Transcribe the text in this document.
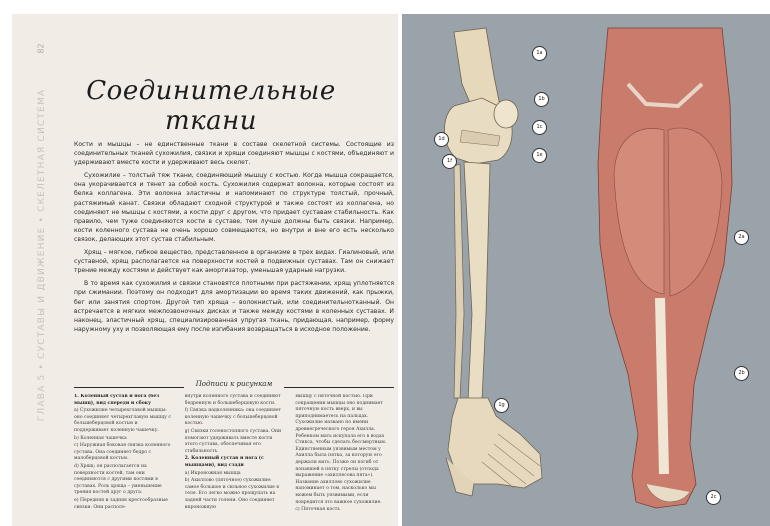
ГЛАВА 5 • СУСТАВЫ И ДВИЖЕНИЕ • СКЕЛЕТНАЯ СИСТЕМА
82
Соединительные
ткани

Кости и мышцы – не единственные ткани в составе скелетной системы. Состоящие из соединительных тканей сухожилия, связки и хрящи соединяют мышцы с костями, объединяют и удерживают вместе кости и удерживают весь скелет.

Сухожилие – толстый тяж ткани, соединяющий мышцу с костью. Когда мышца сокращается, она укорачивается и тянет за собой кость. Сухожилия содержат волокна, которые состоят из белка коллагена. Эти волокна эластичны и напоминают по структуре толстый, прочный, растяжимый канат. Связки обладают сходной структурой и также состоят из коллагена, но соединяют не мышцы с костями, а кости друг с другом, что придает суставам стабильность. Как правило, чем туже соединяются кости в суставе, тем лучше должны быть связки. Например, кости коленного сустава не очень хорошо совмещаются, но внутри и вне его есть несколько связок, делающих этот сустав стабильным.

Хрящ – мягкое, гибкое вещество, представленное в организме в трех видах. Гиалиновый, или суставной, хрящ располагается на поверхности костей в подвижных суставах. Там он снижает трение между костями и действует как амортизатор, уменьшая ударные нагрузки.

В то время как сухожилия и связки становятся плотными при растяжении, хрящ уплотняется при сжимании. Поэтому он подходит для амортизации во время таких движений, как прыжки, бег или занятия спортом. Другой тип хряща – волокнистый, или соединительнотканный. Он встречается в мягких межпозвоночных дисках и также между костями в коленных суставах. И наконец, эластичный хрящ, специализированная упругая ткань, придающая, например, форму наружному уху и позволяющая ему после изгибания возвращаться в исходное положение.

Подписи к рисункам

1. Коленный сустав и нога (без мышц), вид спереди и сбоку

а) Сухожилие четырехглавой мышцы: оно соединяет четырехглавую мышцу с большеберцовой костью и поддерживает коленную чашечку.

b) Коленная чашечка

c) Наружная боковая связка коленного сустава. Она соединяет бедро с малоберцовой костью.

d) Хрящ: он располагается на поверхности костей, там они соединяются с другими костями в суставах. Роль хряща – уменьшение трения костей друг о друга.

e) Передняя и задняя крестообразные связки. Они располо-

внутри коленного сустава и соединяют бедренную и большеберцовую кости.

f) Связка надколенника: она соединяет коленную чашечку с большеберцовой костью.

g) Связки голеностопного сустава. Они помогают удерживать вместе кости этого сустава, обеспечивая его стабильность.

2. Коленный сустав и нога (с мышцами), вид сзади

a) Икроножная мышца

b) Ахиллово (пяточное) сухожилие: самое большое и сильное сухожилие в теле. Его легко можно прощупать на задней части голени. Оно соединяет икроножную

мышцу с пяточной костью. При сокращении мышцы оно поднимает пяточную кость вверх, и вы приподнимаетесь на пальцах. Сухожилие названо по имени древнегреческого героя Ахилла. Ребенком мать искупала его в водах Стикса, чтобы сделать бессмертным. Единственным уязвимым местом у Ахилла была пятка, за которую его держали мать. Позже он погиб от попавшей в пятку стрелы (отсюда выражение «ахиллесова пята»). Название ахиллово сухожилие напоминает о том, насколько мы можем быть уязвимыми, если повредится это важное сухожилие.

c) Пяточная кость

1a
1b
1c
1d
1e
1f
1g
2a
2b
2c
